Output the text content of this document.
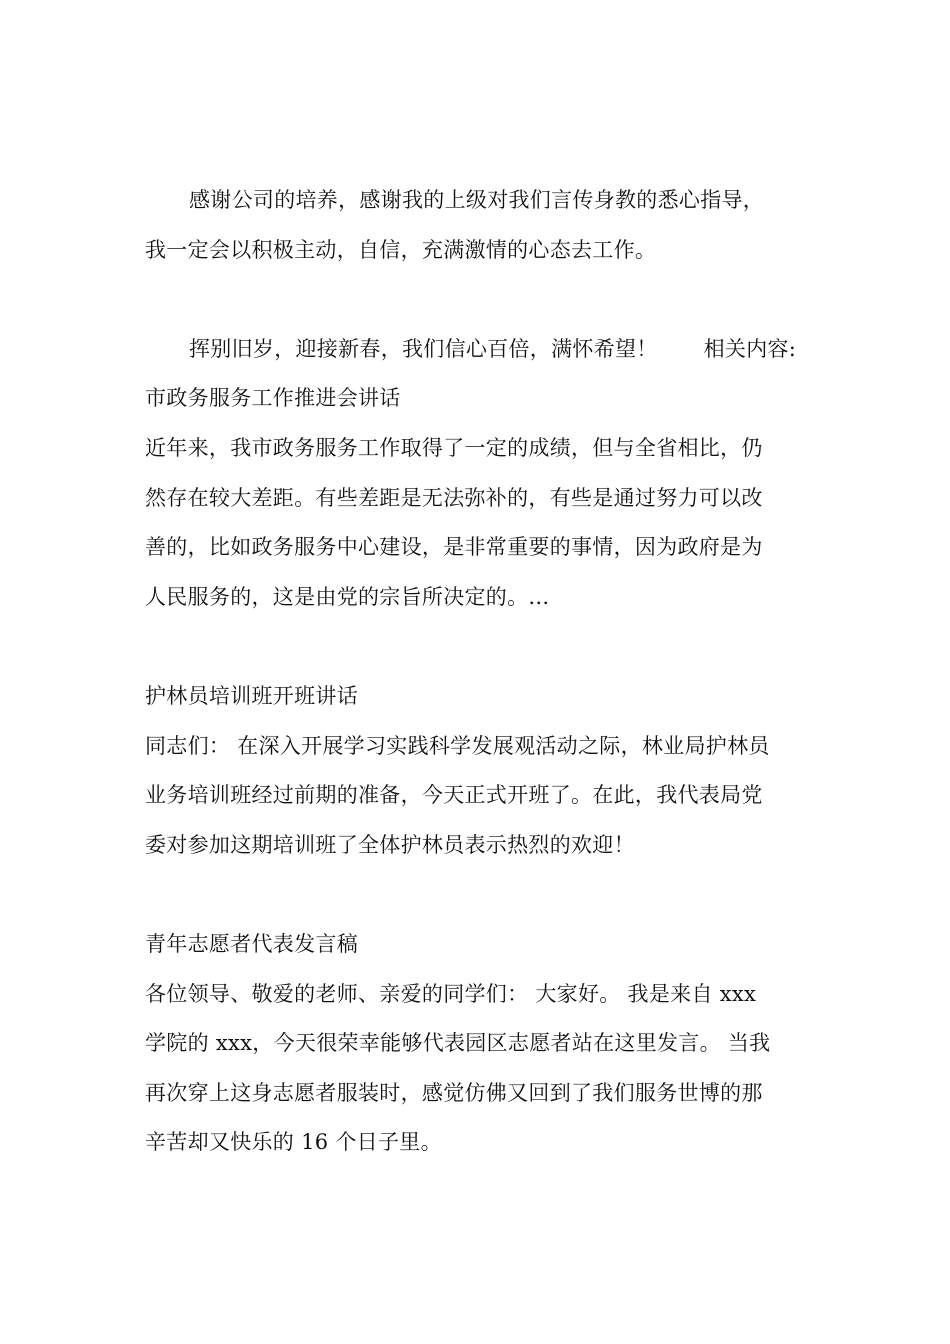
感谢公司的培养，感谢我的上级对我们言传身教的悉心指导，
我一定会以积极主动，自信，充满激情的心态去工作。
挥别旧岁，迎接新春，我们信心百倍，满怀希望！ 相关内容:
市政务服务工作推进会讲话
近年来，我市政务服务工作取得了一定的成绩，但与全省相比，仍
然存在较大差距。有些差距是无法弥补的，有些是通过努力可以改
善的，比如政务服务中心建设，是非常重要的事情，因为政府是为
人民服务的，这是由党的宗旨所决定的。...
护林员培训班开班讲话
同志们： 在深入开展学习实践科学发展观活动之际，林业局护林员
业务培训班经过前期的准备，今天正式开班了。在此，我代表局党
委对参加这期培训班了全体护林员表示热烈的欢迎！
青年志愿者代表发言稿
各位领导、敬爱的老师、亲爱的同学们： 大家好。 我是来自 xxx
学院的 xxx，今天很荣幸能够代表园区志愿者站在这里发言。 当我
再次穿上这身志愿者服装时，感觉仿佛又回到了我们服务世博的那
辛苦却又快乐的 16 个日子里。
